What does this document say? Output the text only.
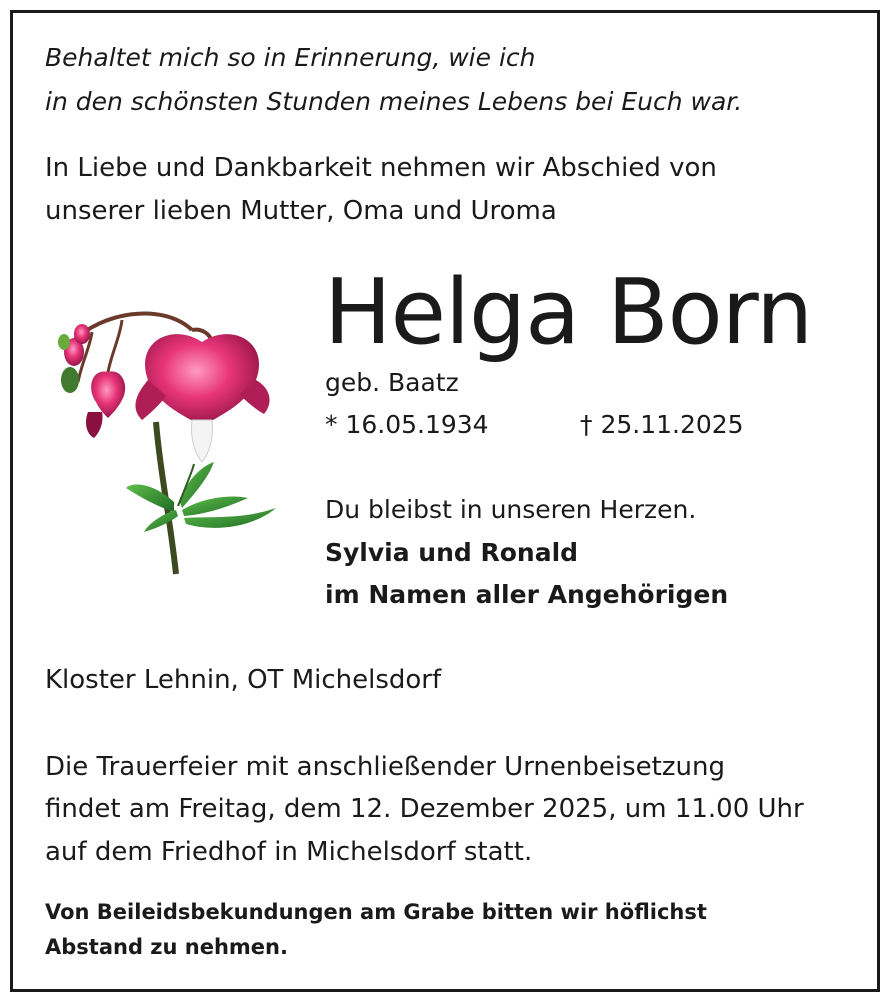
Behaltet mich so in Erinnerung, wie ich
in den schönsten Stunden meines Lebens bei Euch war.
In Liebe und Dankbarkeit nehmen wir Abschied von
unserer lieben Mutter, Oma und Uroma
Helga Born
geb. Baatz
* 16.05.1934	† 25.11.2025
Du bleibst in unseren Herzen.
Sylvia und Ronald
im Namen aller Angehörigen
Kloster Lehnin, OT Michelsdorf
Die Trauerfeier mit anschließender Urnenbeisetzung
findet am Freitag, dem 12. Dezember 2025, um 11.00 Uhr
auf dem Friedhof in Michelsdorf statt.
Von Beileidsbekundungen am Grabe bitten wir höflichst
Abstand zu nehmen.
